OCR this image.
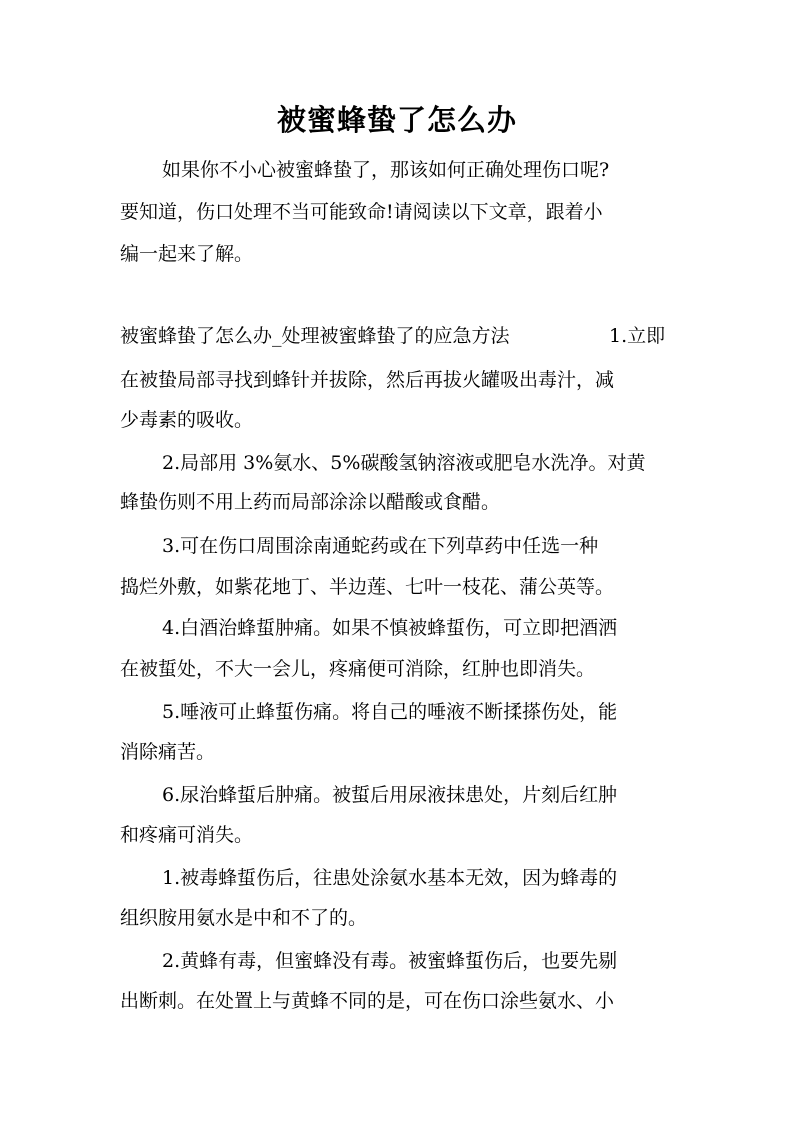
被蜜蜂蛰了怎么办
如果你不小心被蜜蜂蛰了，那该如何正确处理伤口呢?
要知道，伤口处理不当可能致命!请阅读以下文章，跟着小
编一起来了解。
被蜜蜂蛰了怎么办_处理被蜜蜂蛰了的应急方法	1.立即
在被蛰局部寻找到蜂针并拔除，然后再拔火罐吸出毒汁，减
少毒素的吸收。
2.局部用 3%氨水、5%碳酸氢钠溶液或肥皂水洗净。对黄
蜂蛰伤则不用上药而局部涂涂以醋酸或食醋。
3.可在伤口周围涂南通蛇药或在下列草药中任选一种
捣烂外敷，如紫花地丁、半边莲、七叶一枝花、蒲公英等。
4.白酒治蜂蜇肿痛。如果不慎被蜂蜇伤，可立即把酒洒
在被蜇处，不大一会儿，疼痛便可消除，红肿也即消失。
5.唾液可止蜂蜇伤痛。将自己的唾液不断揉搽伤处，能
消除痛苦。
6.尿治蜂蜇后肿痛。被蜇后用尿液抹患处，片刻后红肿
和疼痛可消失。
1.被毒蜂蜇伤后，往患处涂氨水基本无效，因为蜂毒的
组织胺用氨水是中和不了的。
2.黄蜂有毒，但蜜蜂没有毒。被蜜蜂蜇伤后，也要先剔
出断刺。在处置上与黄蜂不同的是，可在伤口涂些氨水、小
